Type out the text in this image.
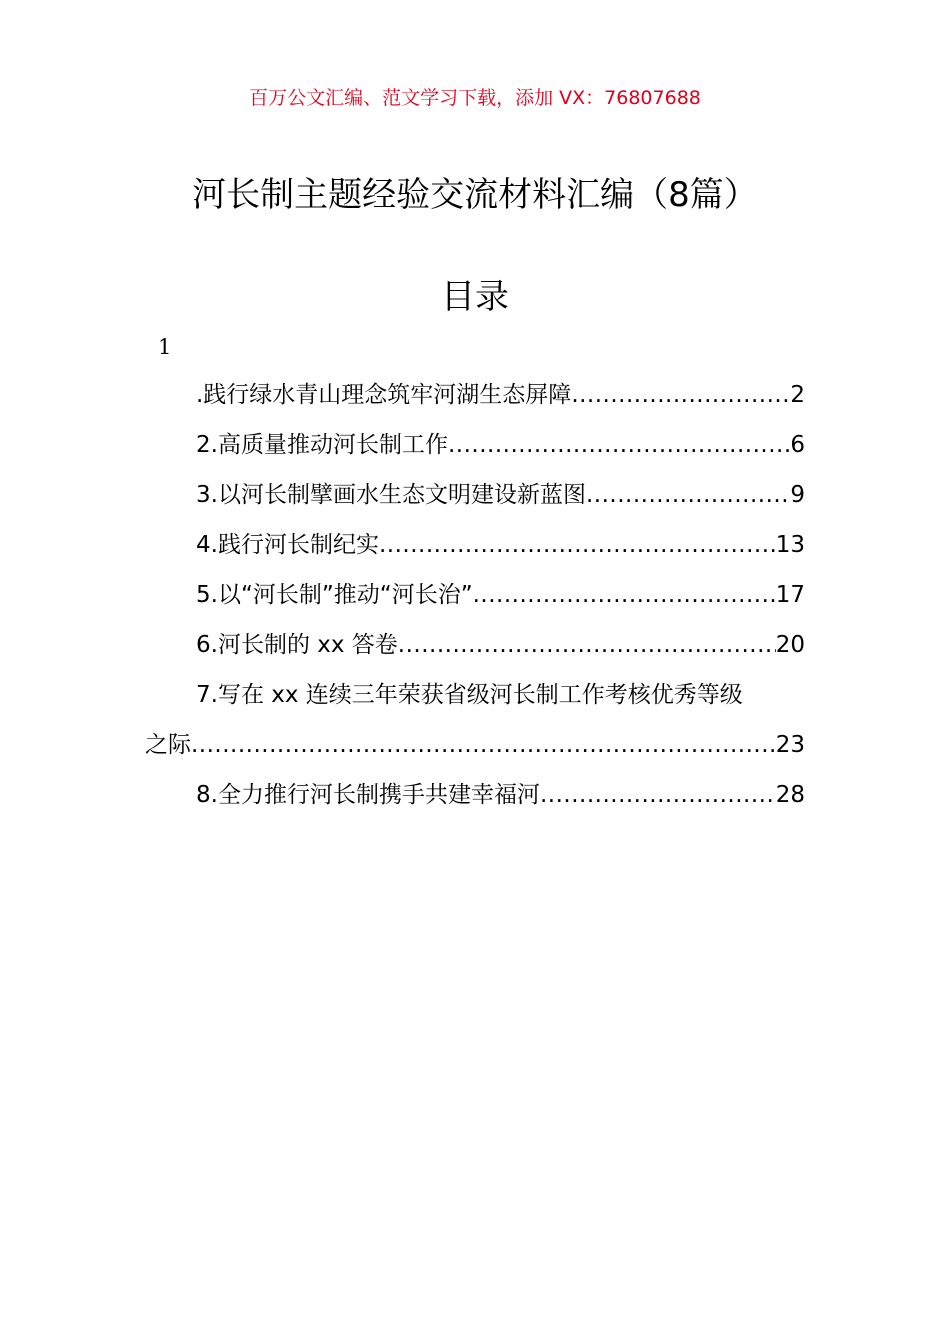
百万公文汇编、范文学习下载，添加 VX：76807688
河长制主题经验交流材料汇编（8篇）
目录
1
.践行绿水青山理念筑牢河湖生态屏障 .....	2
2.高质量推动河长制工作 .....	6
3.以河长制擘画水生态文明建设新蓝图 .....	9
4.践行河长制纪实 .....	13
5.以“河长制”推动“河长治” .....	17
6.河长制的 xx 答卷 .....	20
7.写在 xx 连续三年荣获省级河长制工作考核优秀等级
之际 .....	23
8.全力推行河长制携手共建幸福河 .....	28
